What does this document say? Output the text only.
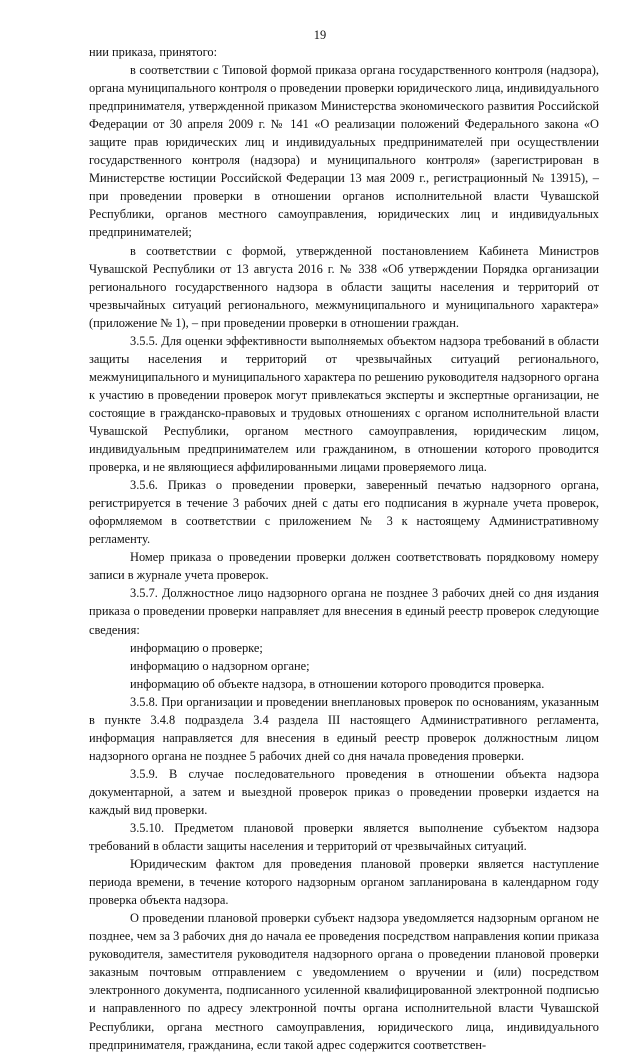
19

нии приказа, принятого:

в соответствии с Типовой формой приказа органа государственного контроля (надзора), органа муниципального контроля о проведении проверки юридического лица, индивидуального предпринимателя, утвержденной приказом Министерства экономического развития Российской Федерации от 30 апреля 2009 г. № 141 «О реализации положений Федерального закона «О защите прав юридических лиц и индивидуальных предпринимателей при осуществлении государственного контроля (надзора) и муниципального контроля» (зарегистрирован в Министерстве юстиции Российской Федерации 13 мая 2009 г., регистрационный № 13915), – при проведении проверки в отношении органов исполнительной власти Чувашской Республики, органов местного самоуправления, юридических лиц и индивидуальных предпринимателей;

в соответствии с формой, утвержденной постановлением Кабинета Министров Чувашской Республики от 13 августа 2016 г. № 338 «Об утверждении Порядка организации регионального государственного надзора в области защиты населения и территорий от чрезвычайных ситуаций регионального, межмуниципального и муниципального характера» (приложение № 1), – при проведении проверки в отношении граждан.

3.5.5. Для оценки эффективности выполняемых объектом надзора требований в области защиты населения и территорий от чрезвычайных ситуаций регионального, межмуниципального и муниципального характера по решению руководителя надзорного органа к участию в проведении проверок могут привлекаться эксперты и экспертные организации, не состоящие в гражданско-правовых и трудовых отношениях с органом исполнительной власти Чувашской Республики, органом местного самоуправления, юридическим лицом, индивидуальным предпринимателем или гражданином, в отношении которого проводится проверка, и не являющиеся аффилированными лицами проверяемого лица.

3.5.6. Приказ о проведении проверки, заверенный печатью надзорного органа, регистрируется в течение 3 рабочих дней с даты его подписания в журнале учета проверок, оформляемом в соответствии с приложением № 3 к настоящему Административному регламенту.

Номер приказа о проведении проверки должен соответствовать порядковому номеру записи в журнале учета проверок.

3.5.7. Должностное лицо надзорного органа не позднее 3 рабочих дней со дня издания приказа о проведении проверки направляет для внесения в единый реестр проверок следующие сведения:

информацию о проверке;

информацию о надзорном органе;

информацию об объекте надзора, в отношении которого проводится проверка.

3.5.8. При организации и проведении внеплановых проверок по основаниям, указанным в пункте 3.4.8 подраздела 3.4 раздела III настоящего Административного регламента, информация направляется для внесения в единый реестр проверок должностным лицом надзорного органа не позднее 5 рабочих дней со дня начала проведения проверки.

3.5.9. В случае последовательного проведения в отношении объекта надзора документарной, а затем и выездной проверок приказ о проведении проверки издается на каждый вид проверки.

3.5.10. Предметом плановой проверки является выполнение субъектом надзора требований в области защиты населения и территорий от чрезвычайных ситуаций.

Юридическим фактом для проведения плановой проверки является наступление периода времени, в течение которого надзорным органом запланирована в календарном году проверка объекта надзора.

О проведении плановой проверки субъект надзора уведомляется надзорным органом не позднее, чем за 3 рабочих дня до начала ее проведения посредством направления копии приказа руководителя, заместителя руководителя надзорного органа о проведении плановой проверки заказным почтовым отправлением с уведомлением о вручении и (или) посредством электронного документа, подписанного усиленной квалифицированной электронной подписью и направленного по адресу электронной почты органа исполнительной власти Чувашской Республики, органа местного самоуправления, юридического лица, индивидуального предпринимателя, гражданина, если такой адрес содержится соответствен-
